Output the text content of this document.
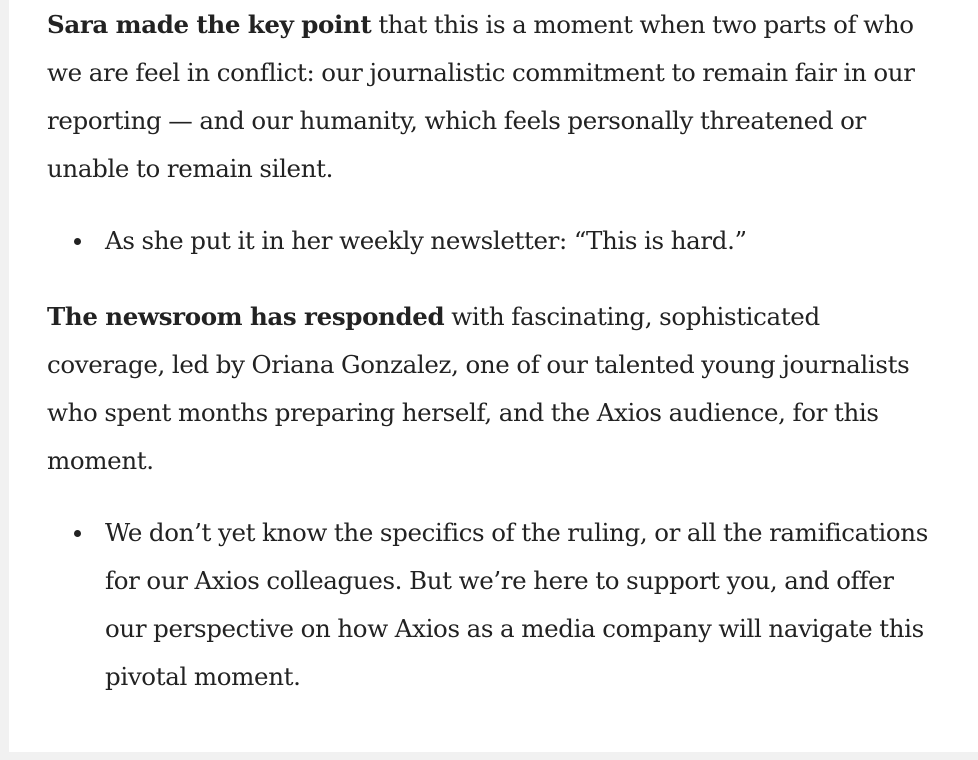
Sara made the key point that this is a moment when two parts of who we are feel in conflict: our journalistic commitment to remain fair in our reporting — and our humanity, which feels personally threatened or unable to remain silent.

As she put it in her weekly newsletter: “This is hard.”

The newsroom has responded with fascinating, sophisticated coverage, led by Oriana Gonzalez, one of our talented young journalists who spent months preparing herself, and the Axios audience, for this moment.

We don’t yet know the specifics of the ruling, or all the ramifications for our Axios colleagues. But we’re here to support you, and offer our perspective on how Axios as a media company will navigate this pivotal moment.
